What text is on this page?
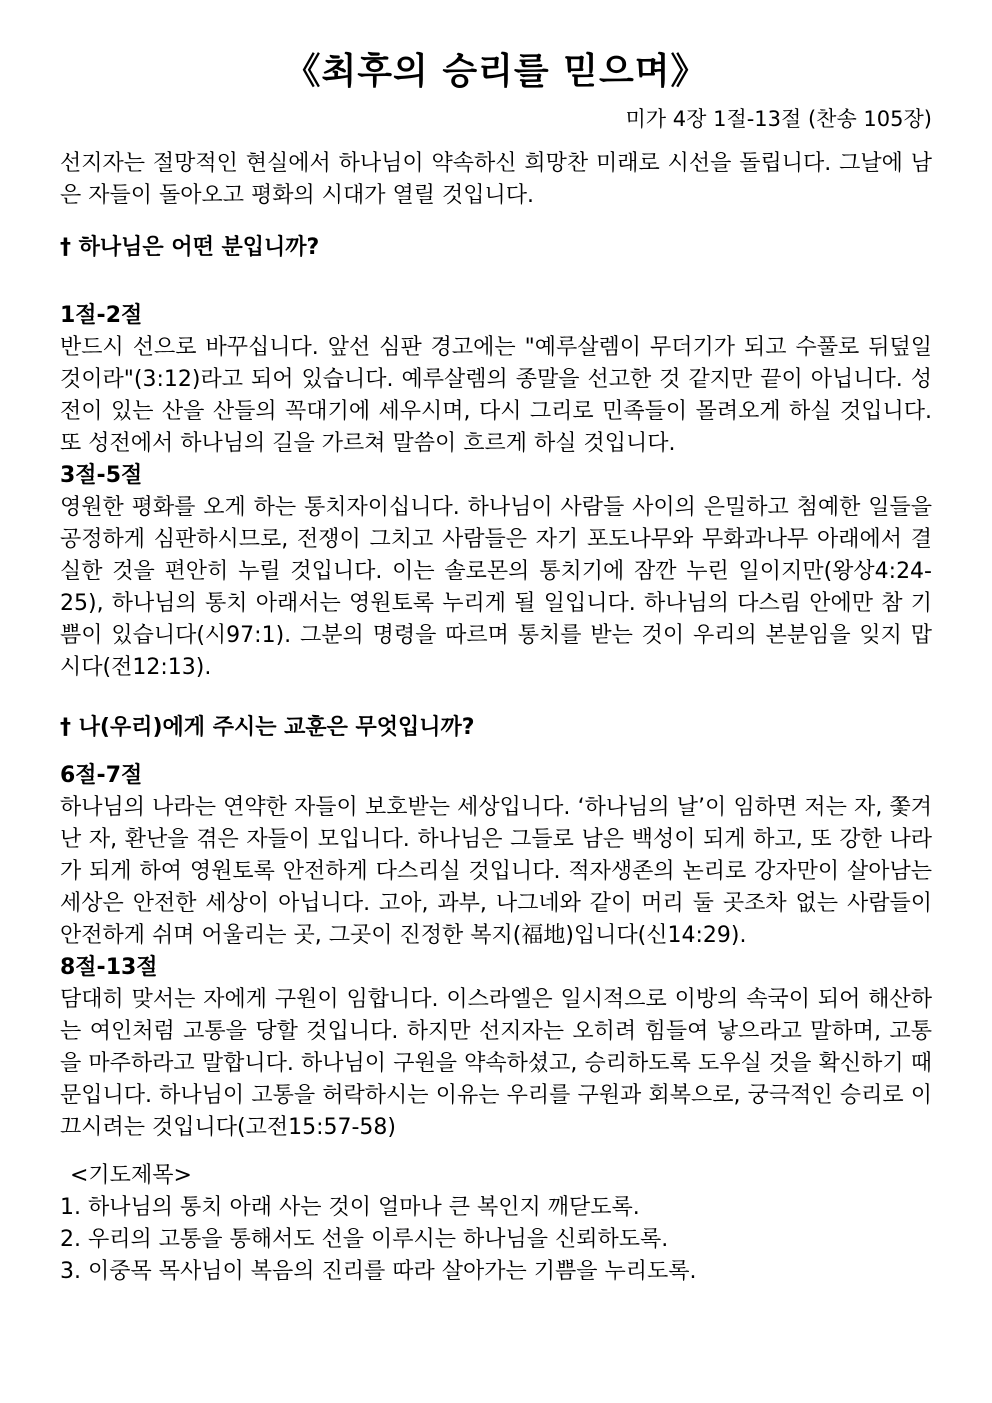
《최후의 승리를 믿으며》
미가 4장 1절-13절 (찬송 105장)

선지자는 절망적인 현실에서 하나님이 약속하신 희망찬 미래로 시선을 돌립니다. 그날에 남은 자들이 돌아오고 평화의 시대가 열릴 것입니다.

† 하나님은 어떤 분입니까?
1절-2절

반드시 선으로 바꾸십니다. 앞선 심판 경고에는 "예루살렘이 무더기가 되고 수풀로 뒤덮일 것이라"(3:12)라고 되어 있습니다. 예루살렘의 종말을 선고한 것 같지만 끝이 아닙니다. 성전이 있는 산을 산들의 꼭대기에 세우시며, 다시 그리로 민족들이 몰려오게 하실 것입니다. 또 성전에서 하나님의 길을 가르쳐 말씀이 흐르게 하실 것입니다.

3절-5절

영원한 평화를 오게 하는 통치자이십니다. 하나님이 사람들 사이의 은밀하고 첨예한 일들을 공정하게 심판하시므로, 전쟁이 그치고 사람들은 자기 포도나무와 무화과나무 아래에서 결실한 것을 편안히 누릴 것입니다. 이는 솔로몬의 통치기에 잠깐 누린 일이지만(왕상4:24-25), 하나님의 통치 아래서는 영원토록 누리게 될 일입니다. 하나님의 다스림 안에만 참 기쁨이 있습니다(시97:1). 그분의 명령을 따르며 통치를 받는 것이 우리의 본분임을 잊지 맙시다(전12:13).

† 나(우리)에게 주시는 교훈은 무엇입니까?
6절-7절

하나님의 나라는 연약한 자들이 보호받는 세상입니다. ‘하나님의 날’이 임하면 저는 자, 쫓겨난 자, 환난을 겪은 자들이 모입니다. 하나님은 그들로 남은 백성이 되게 하고, 또 강한 나라가 되게 하여 영원토록 안전하게 다스리실 것입니다. 적자생존의 논리로 강자만이 살아남는 세상은 안전한 세상이 아닙니다. 고아, 과부, 나그네와 같이 머리 둘 곳조차 없는 사람들이 안전하게 쉬며 어울리는 곳, 그곳이 진정한 복지(福地)입니다(신14:29).

8절-13절

담대히 맞서는 자에게 구원이 임합니다. 이스라엘은 일시적으로 이방의 속국이 되어 해산하는 여인처럼 고통을 당할 것입니다. 하지만 선지자는 오히려 힘들여 낳으라고 말하며, 고통을 마주하라고 말합니다. 하나님이 구원을 약속하셨고, 승리하도록 도우실 것을 확신하기 때문입니다. 하나님이 고통을 허락하시는 이유는 우리를 구원과 회복으로, 궁극적인 승리로 이끄시려는 것입니다(고전15:57-58)

<기도제목>
1. 하나님의 통치 아래 사는 것이 얼마나 큰 복인지 깨닫도록.
2. 우리의 고통을 통해서도 선을 이루시는 하나님을 신뢰하도록.
3. 이중목 목사님이 복음의 진리를 따라 살아가는 기쁨을 누리도록.
